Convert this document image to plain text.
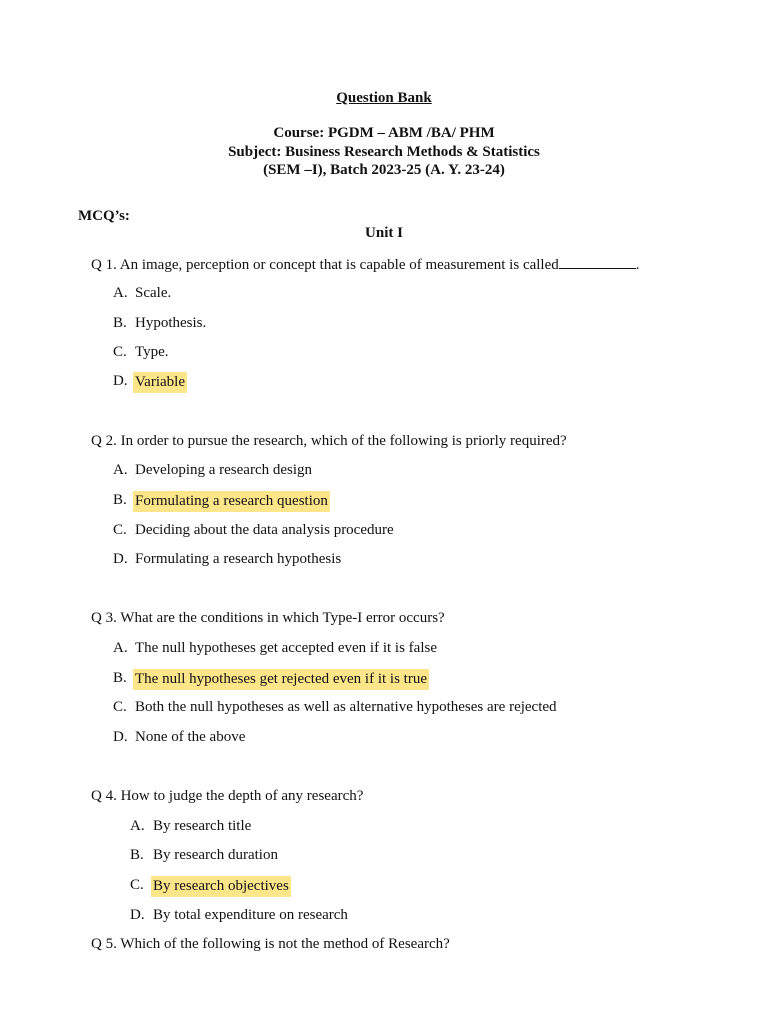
Question Bank
Course: PGDM – ABM /BA/ PHM
Subject: Business Research Methods & Statistics
(SEM –I), Batch 2023-25 (A. Y. 23-24)
MCQ’s:
Unit I
Q 1. An image, perception or concept that is capable of measurement is called	.
A. Scale.
B. Hypothesis.
C. Type.
D. Variable
Q 2. In order to pursue the research, which of the following is priorly required?
A. Developing a research design
B. Formulating a research question
C. Deciding about the data analysis procedure
D. Formulating a research hypothesis
Q 3. What are the conditions in which Type-I error occurs?
A. The null hypotheses get accepted even if it is false
B. The null hypotheses get rejected even if it is true
C. Both the null hypotheses as well as alternative hypotheses are rejected
D. None of the above
Q 4. How to judge the depth of any research?
A. By research title
B. By research duration
C. By research objectives
D. By total expenditure on research
Q 5. Which of the following is not the method of Research?
